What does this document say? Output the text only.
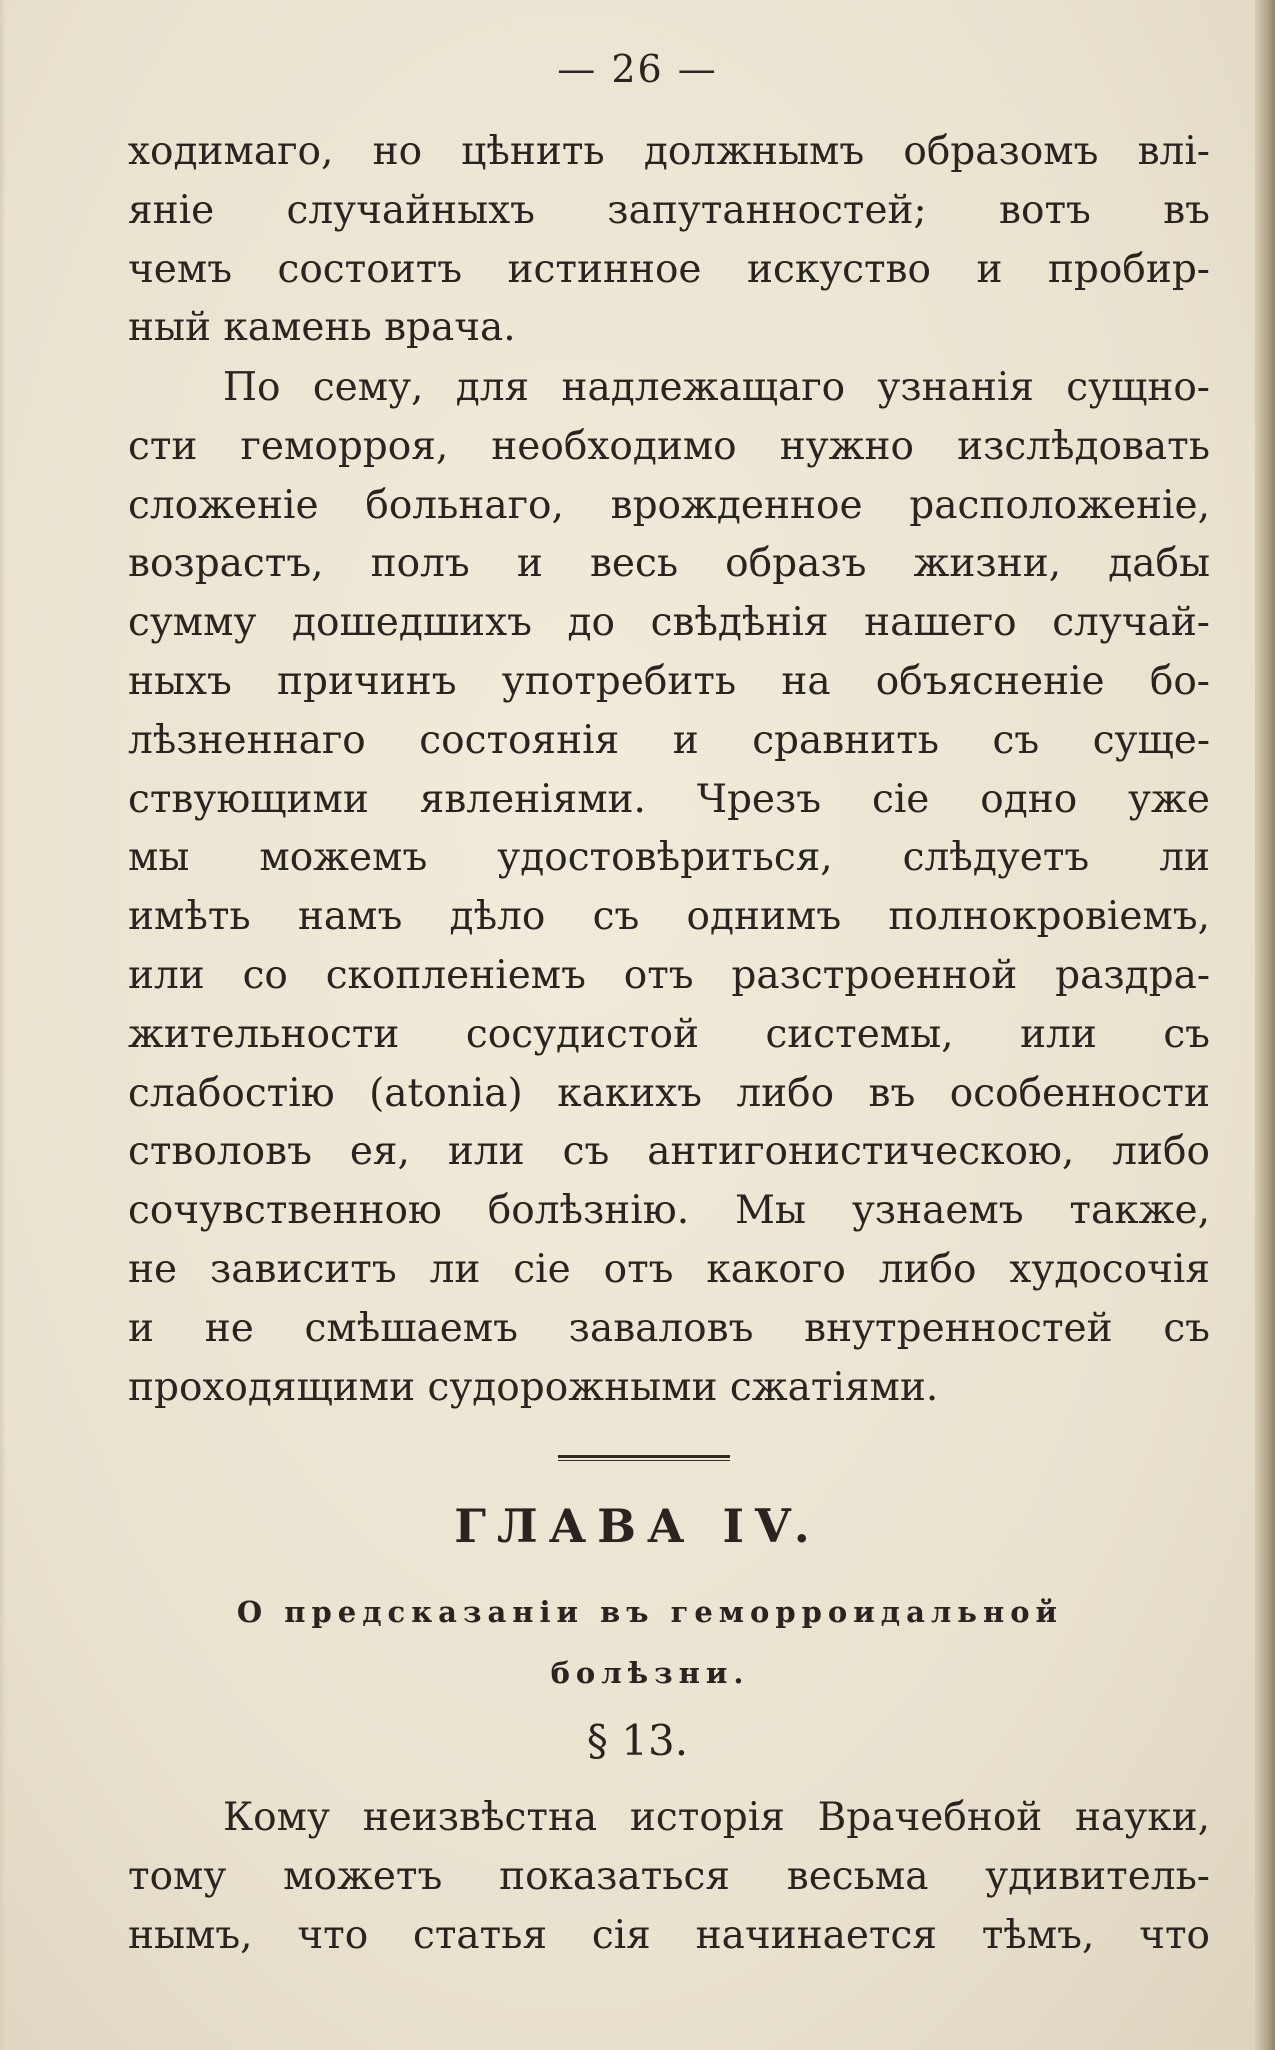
— 26 —
ходимаго, но цѣнить должнымъ образомъ влі-
яніе случайныхъ запутанностей; вотъ въ
чемъ состоитъ истинное искуство и пробир-
ный камень врача.
По сему, для надлежащаго узнанія сущно-
сти геморроя, необходимо нужно изслѣдовать
сложеніе больнаго, врожденное расположеніе,
возрастъ, полъ и весь образъ жизни, дабы
сумму дошедшихъ до свѣдѣнія нашего случай-
ныхъ причинъ употребить на объясненіе бо-
лѣзненнаго состоянія и сравнить съ суще-
ствующими явленіями. Чрезъ сіе одно уже
мы можемъ удостовѣриться, слѣдуетъ ли
имѣть намъ дѣло съ однимъ полнокровіемъ,
или со скопленіемъ отъ разстроенной раздра-
жительности сосудистой системы, или съ
слабостію (atonia) какихъ либо въ особенности
стволовъ ея, или съ антигонистическою, либо
сочувственною болѣзнію. Мы узнаемъ также,
не зависитъ ли сіе отъ какого либо худосочія
и не смѣшаемъ заваловъ внутренностей съ
проходящими судорожными сжатіями.
ГЛАВА IV.
О предсказаніи въ геморроидальной
болѣзни.
§ 13.
Кому неизвѣстна исторія Врачебной науки,
тому можетъ показаться весьма удивитель-
нымъ, что статья сія начинается тѣмъ, что
